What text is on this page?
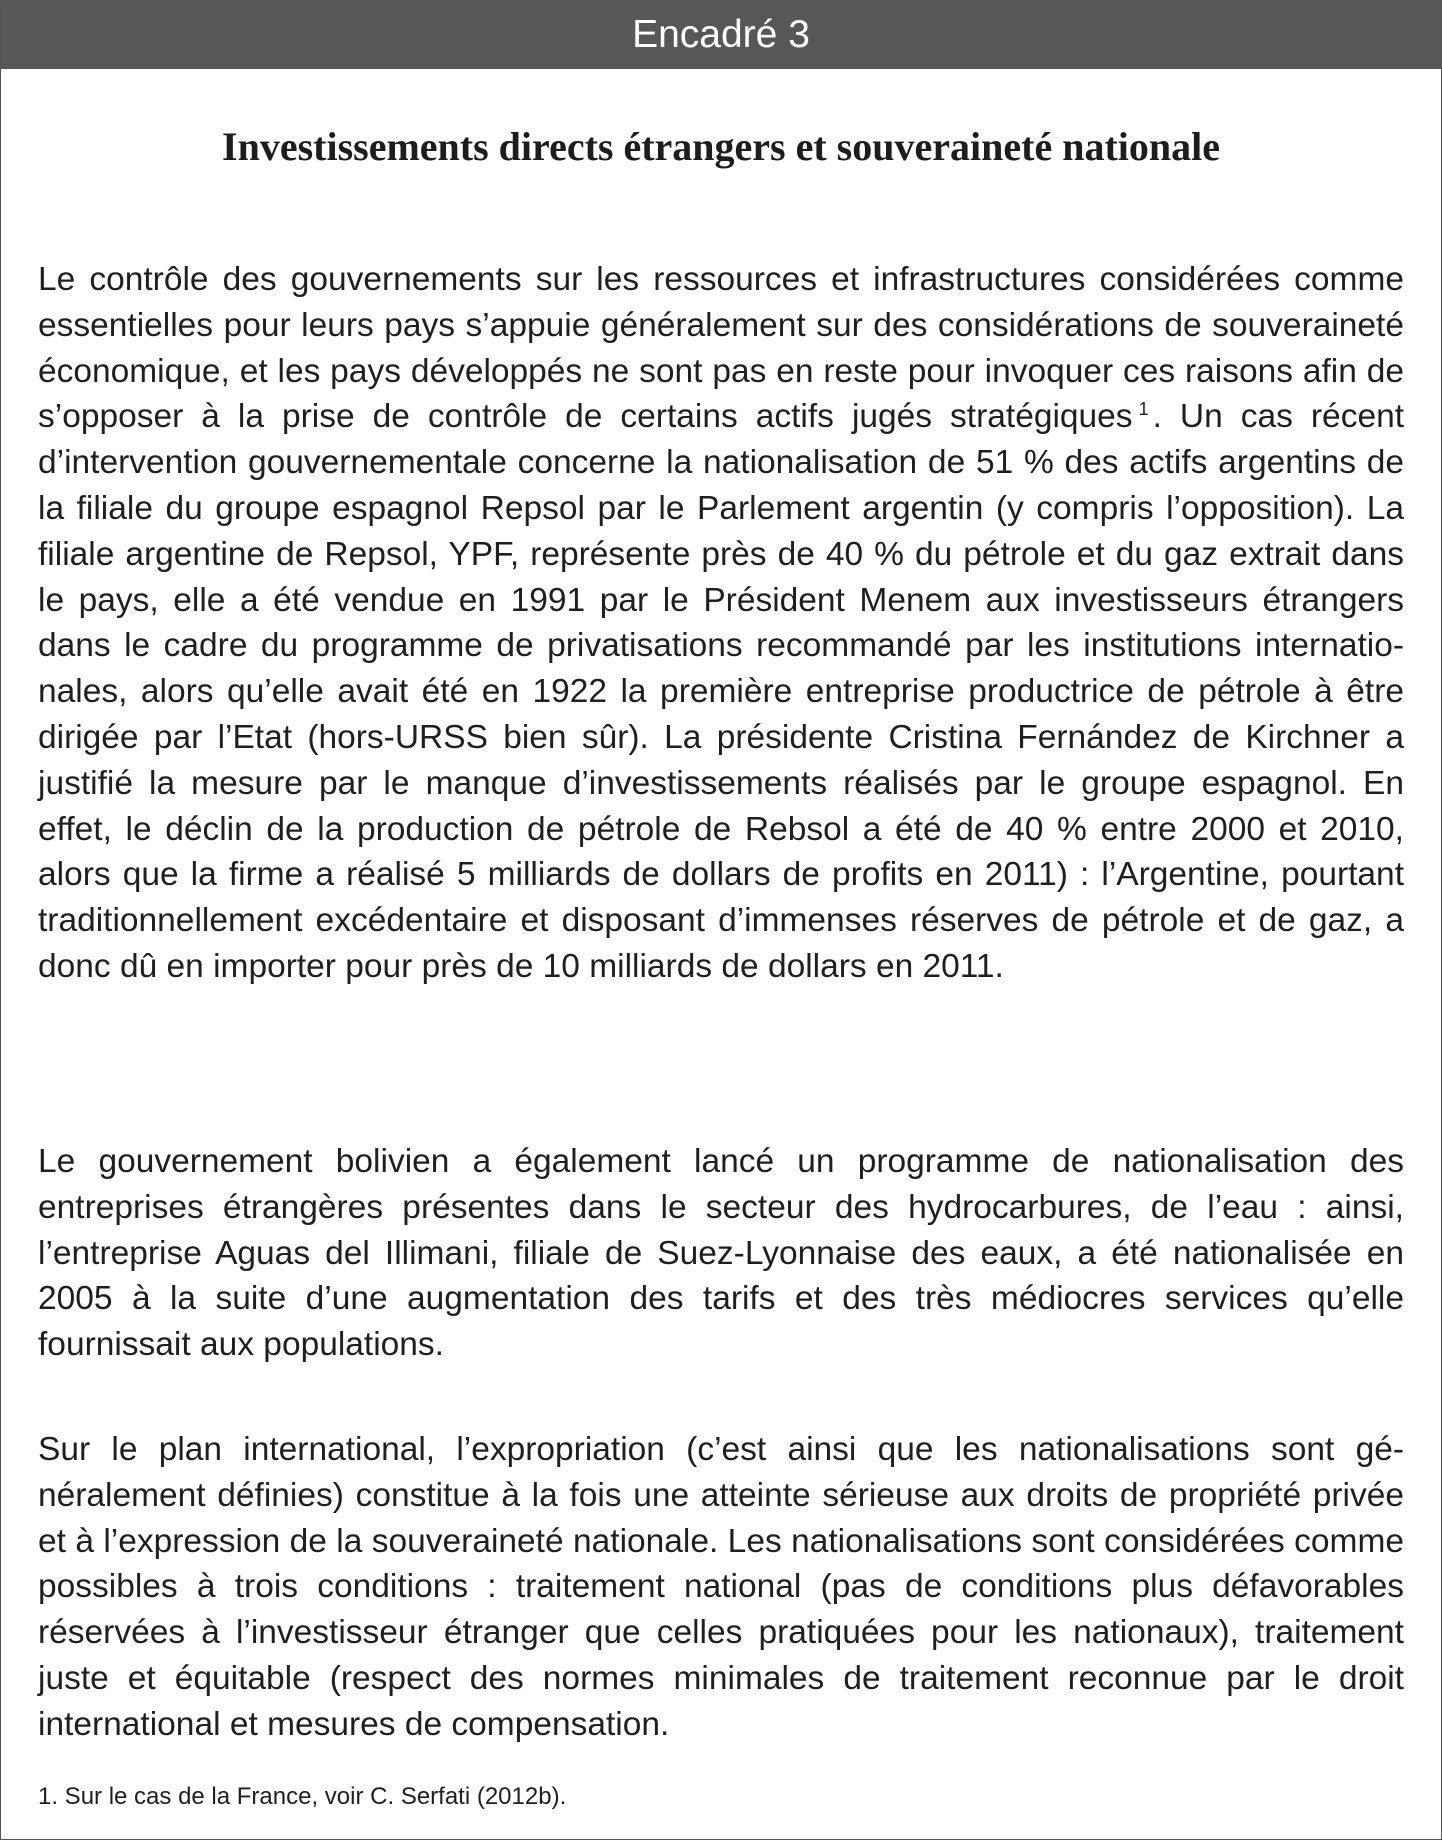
Encadré 3
Investissements directs étrangers et souveraineté nationale

Le contrôle des gouvernements sur les ressources et infrastructures considérées comme essentielles pour leurs pays s’appuie généralement sur des considérations de souveraineté économique, et les pays développés ne sont pas en reste pour invoquer ces raisons afin de s’opposer à la prise de contrôle de certains actifs jugés stratégiques $^1$ . Un cas récent d’intervention gouvernementale concerne la nationalisation de 51 % des actifs argentins de la filiale du groupe espagnol Repsol par le Parlement argentin (y compris l’opposition). La filiale argentine de Repsol, YPF, représente près de 40 % du pétrole et du gaz extrait dans le pays, elle a été vendue en 1991 par le Président Menem aux investisseurs étrangers dans le cadre du programme de privatisations recommandé par les institutions internationales, alors qu’elle avait été en 1922 la première entreprise productrice de pétrole à être dirigée par l’Etat (hors-URSS bien sûr). La présidente Cristina Fernández de Kirchner a justifié la mesure par le manque d’investissements réalisés par le groupe espagnol. En effet, le déclin de la production de pétrole de Rebsol a été de 40 % entre 2000 et 2010, alors que la firme a réalisé 5 milliards de dollars de profits en 2011) : l’Argentine, pourtant traditionnellement excédentaire et disposant d’immenses réserves de pétrole et de gaz, a donc dû en importer pour près de 10 milliards de dollars en 2011.

Le gouvernement bolivien a également lancé un programme de nationalisation des entreprises étrangères présentes dans le secteur des hydrocarbures, de l’eau : ainsi, l’entreprise Aguas del Illimani, filiale de Suez-Lyonnaise des eaux, a été nationalisée en 2005 à la suite d’une augmentation des tarifs et des très médiocres services qu’elle fournissait aux populations.

Sur le plan international, l’expropriation (c’est ainsi que les nationalisations sont généralement définies) constitue à la fois une atteinte sérieuse aux droits de propriété privée et à l’expression de la souveraineté nationale. Les nationalisations sont considérées comme possibles à trois conditions : traitement national (pas de conditions plus défavorables réservées à l’investisseur étranger que celles pratiquées pour les nationaux), traitement juste et équitable (respect des normes minimales de traitement reconnue par le droit international et mesures de compensation.

1. Sur le cas de la France, voir C. Serfati (2012b).
